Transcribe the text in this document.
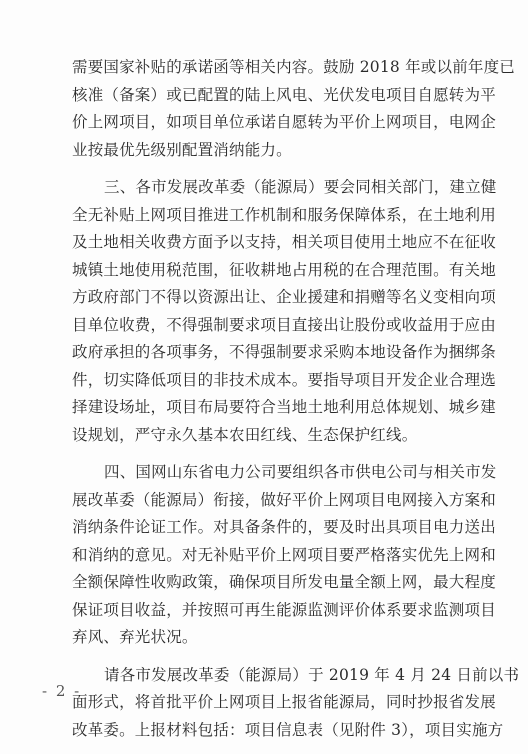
需要国家补贴的承诺函等相关内容。鼓励 2018 年或以前年度已
核准（备案）或已配置的陆上风电、光伏发电项目自愿转为平
价上网项目，如项目单位承诺自愿转为平价上网项目，电网企
业按最优先级别配置消纳能力。
三、各市发展改革委（能源局）要会同相关部门，建立健
全无补贴上网项目推进工作机制和服务保障体系，在土地利用
及土地相关收费方面予以支持，相关项目使用土地应不在征收
城镇土地使用税范围，征收耕地占用税的在合理范围。有关地
方政府部门不得以资源出让、企业援建和捐赠等名义变相向项
目单位收费，不得强制要求项目直接出让股份或收益用于应由
政府承担的各项事务，不得强制要求采购本地设备作为捆绑条
件，切实降低项目的非技术成本。要指导项目开发企业合理选
择建设场址，项目布局要符合当地土地利用总体规划、城乡建
设规划，严守永久基本农田红线、生态保护红线。
四、国网山东省电力公司要组织各市供电公司与相关市发
展改革委（能源局）衔接，做好平价上网项目电网接入方案和
消纳条件论证工作。对具备条件的，要及时出具项目电力送出
和消纳的意见。对无补贴平价上网项目要严格落实优先上网和
全额保障性收购政策，确保项目所发电量全额上网，最大程度
保证项目收益，并按照可再生能源监测评价体系要求监测项目
弃风、弃光状况。
请各市发展改革委（能源局）于 2019 年 4 月 24 日前以书
面形式，将首批平价上网项目上报省能源局，同时抄报省发展
改革委。上报材料包括：项目信息表（见附件 3），项目实施方
- 2 -
